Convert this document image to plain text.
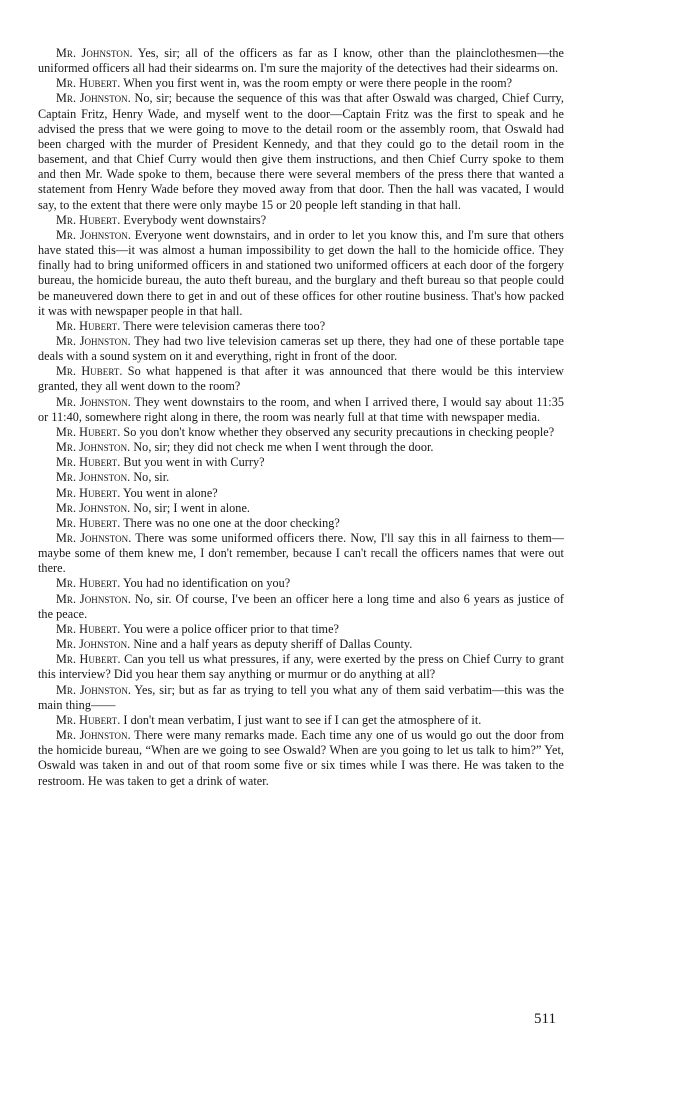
Mr. Johnston. Yes, sir; all of the officers as far as I know, other than the plainclothesmen—the uniformed officers all had their sidearms on. I'm sure the majority of the detectives had their sidearms on.

Mr. Hubert. When you first went in, was the room empty or were there people in the room?

Mr. Johnston. No, sir; because the sequence of this was that after Oswald was charged, Chief Curry, Captain Fritz, Henry Wade, and myself went to the door—Captain Fritz was the first to speak and he advised the press that we were going to move to the detail room or the assembly room, that Oswald had been charged with the murder of President Kennedy, and that they could go to the detail room in the basement, and that Chief Curry would then give them instructions, and then Chief Curry spoke to them and then Mr. Wade spoke to them, because there were several members of the press there that wanted a statement from Henry Wade before they moved away from that door. Then the hall was vacated, I would say, to the extent that there were only maybe 15 or 20 people left standing in that hall.

Mr. Hubert. Everybody went downstairs?

Mr. Johnston. Everyone went downstairs, and in order to let you know this, and I'm sure that others have stated this—it was almost a human impossibility to get down the hall to the homicide office. They finally had to bring uniformed officers in and stationed two uniformed officers at each door of the forgery bureau, the homicide bureau, the auto theft bureau, and the burglary and theft bureau so that people could be maneuvered down there to get in and out of these offices for other routine business. That's how packed it was with newspaper people in that hall.

Mr. Hubert. There were television cameras there too?

Mr. Johnston. They had two live television cameras set up there, they had one of these portable tape deals with a sound system on it and everything, right in front of the door.

Mr. Hubert. So what happened is that after it was announced that there would be this interview granted, they all went down to the room?

Mr. Johnston. They went downstairs to the room, and when I arrived there, I would say about 11:35 or 11:40, somewhere right along in there, the room was nearly full at that time with newspaper media.

Mr. Hubert. So you don't know whether they observed any security precautions in checking people?

Mr. Johnston. No, sir; they did not check me when I went through the door.

Mr. Hubert. But you went in with Curry?

Mr. Johnston. No, sir.

Mr. Hubert. You went in alone?

Mr. Johnston. No, sir; I went in alone.

Mr. Hubert. There was no one one at the door checking?

Mr. Johnston. There was some uniformed officers there. Now, I'll say this in all fairness to them—maybe some of them knew me, I don't remember, because I can't recall the officers names that were out there.

Mr. Hubert. You had no identification on you?

Mr. Johnston. No, sir. Of course, I've been an officer here a long time and also 6 years as justice of the peace.

Mr. Hubert. You were a police officer prior to that time?

Mr. Johnston. Nine and a half years as deputy sheriff of Dallas County.

Mr. Hubert. Can you tell us what pressures, if any, were exerted by the press on Chief Curry to grant this interview? Did you hear them say anything or murmur or do anything at all?

Mr. Johnston. Yes, sir; but as far as trying to tell you what any of them said verbatim—this was the main thing——

Mr. Hubert. I don't mean verbatim, I just want to see if I can get the atmosphere of it.

Mr. Johnston. There were many remarks made. Each time any one of us would go out the door from the homicide bureau, “When are we going to see Oswald? When are you going to let us talk to him?” Yet, Oswald was taken in and out of that room some five or six times while I was there. He was taken to the restroom. He was taken to get a drink of water.

511
